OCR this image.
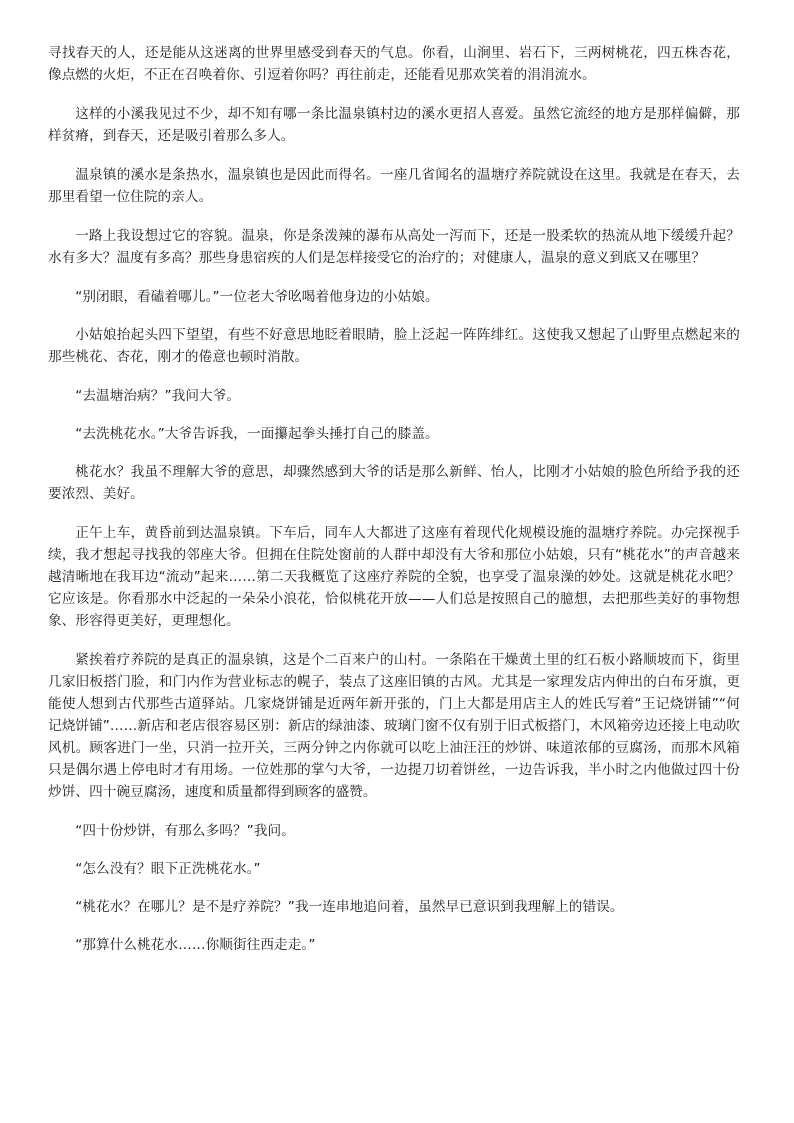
寻找春天的人，还是能从这迷离的世界里感受到春天的气息。你看，山涧里、岩石下，三两树桃花，四五株杏花，像点燃的火炬，不正在召唤着你、引逗着你吗？再往前走，还能看见那欢笑着的涓涓流水。

这样的小溪我见过不少，却不知有哪一条比温泉镇村边的溪水更招人喜爱。虽然它流经的地方是那样偏僻，那样贫瘠，到春天，还是吸引着那么多人。

温泉镇的溪水是条热水，温泉镇也是因此而得名。一座几省闻名的温塘疗养院就设在这里。我就是在春天，去那里看望一位住院的亲人。

一路上我设想过它的容貌。温泉，你是条泼辣的瀑布从高处一泻而下，还是一股柔软的热流从地下缓缓升起？水有多大？温度有多高？那些身患宿疾的人们是怎样接受它的治疗的；对健康人，温泉的意义到底又在哪里？

“别闭眼，看磕着哪儿。”一位老大爷吆喝着他身边的小姑娘。

小姑娘抬起头四下望望，有些不好意思地眨着眼睛，脸上泛起一阵阵绯红。这使我又想起了山野里点燃起来的那些桃花、杏花，刚才的倦意也顿时消散。

“去温塘治病？”我问大爷。

“去洗桃花水。”大爷告诉我，一面攥起拳头捶打自己的膝盖。

桃花水？我虽不理解大爷的意思，却骤然感到大爷的话是那么新鲜、怡人，比刚才小姑娘的脸色所给予我的还要浓烈、美好。

正午上车，黄昏前到达温泉镇。下车后，同车人大都进了这座有着现代化规模设施的温塘疗养院。办完探视手续，我才想起寻找我的邻座大爷。但拥在住院处窗前的人群中却没有大爷和那位小姑娘，只有“桃花水”的声音越来越清晰地在我耳边“流动”起来……第二天我概览了这座疗养院的全貌，也享受了温泉澡的妙处。这就是桃花水吧？它应该是。你看那水中泛起的一朵朵小浪花，恰似桃花开放——人们总是按照自己的臆想，去把那些美好的事物想象、形容得更美好，更理想化。

紧挨着疗养院的是真正的温泉镇，这是个二百来户的山村。一条陷在干燥黄土里的红石板小路顺坡而下，街里几家旧板搭门脸，和门内作为营业标志的幌子，装点了这座旧镇的古风。尤其是一家理发店内伸出的白布牙旗，更能使人想到古代那些古道驿站。几家烧饼铺是近两年新开张的，门上大都是用店主人的姓氏写着“王记烧饼铺”“何记烧饼铺”……新店和老店很容易区别：新店的绿油漆、玻璃门窗不仅有别于旧式板搭门，木风箱旁边还接上电动吹风机。顾客进门一坐，只消一拉开关，三两分钟之内你就可以吃上油汪汪的炒饼、味道浓郁的豆腐汤，而那木风箱只是偶尔遇上停电时才有用场。一位姓那的掌勺大爷，一边提刀切着饼丝，一边告诉我，半小时之内他做过四十份炒饼、四十碗豆腐汤，速度和质量都得到顾客的盛赞。

“四十份炒饼，有那么多吗？”我问。

“怎么没有？眼下正洗桃花水。”

“桃花水？在哪儿？是不是疗养院？”我一连串地追问着，虽然早已意识到我理解上的错误。

“那算什么桃花水……你顺街往西走走。”
